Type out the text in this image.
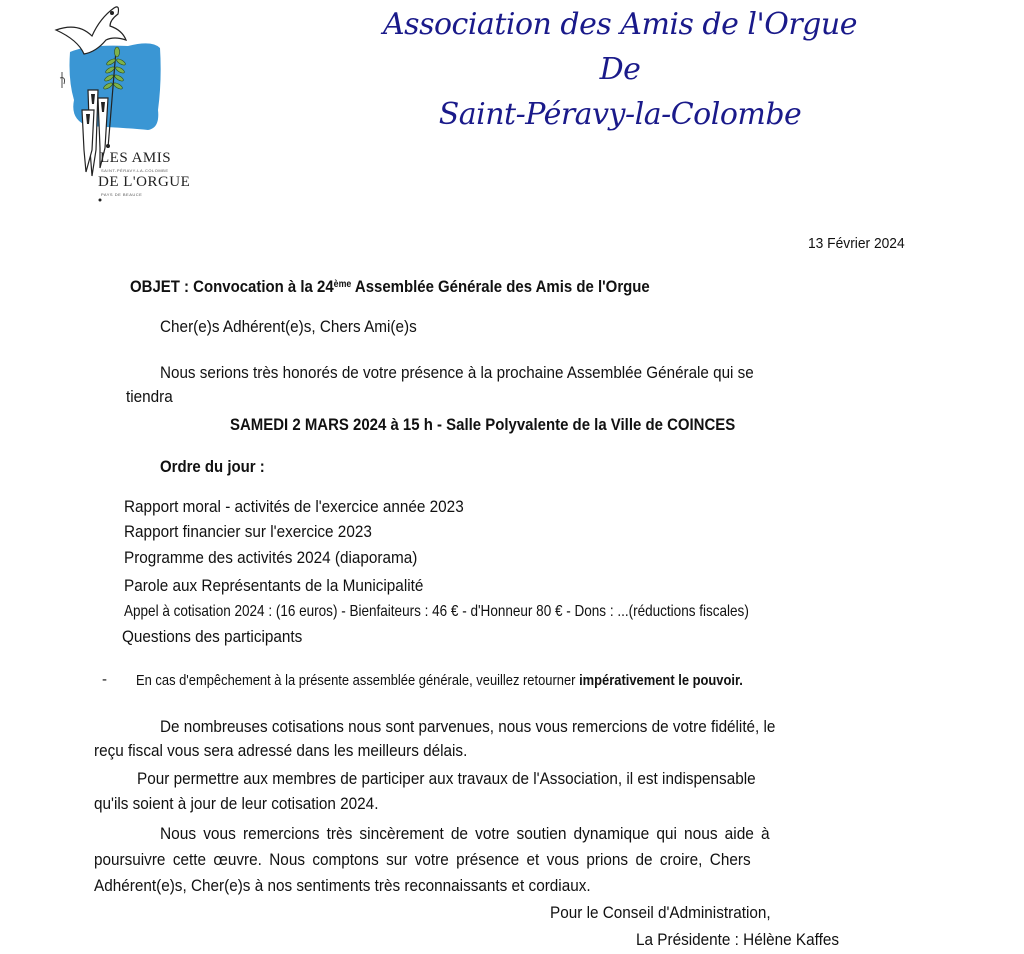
LES AMIS
SAINT-PÉRAVY-LA-COLOMBE
DE L'ORGUE
PAYS DE BEAUCE
Association des Amis de l'Orgue
De
Saint-Péravy-la-Colombe
13 Février 2024
OBJET : Convocation à la 24ème Assemblée Générale des Amis de l'Orgue
Cher(e)s Adhérent(e)s, Chers Ami(e)s
Nous serions très honorés de votre présence à la prochaine Assemblée Générale qui se
tiendra
SAMEDI 2 MARS 2024 à 15 h - Salle Polyvalente de la Ville de COINCES
Ordre du jour :
Rapport moral - activités de l'exercice année 2023
Rapport financier sur l'exercice 2023
Programme des activités 2024 (diaporama)
Parole aux Représentants de la Municipalité
Appel à cotisation 2024 : (16 euros) - Bienfaiteurs : 46 € - d'Honneur 80 € - Dons : ...(réductions fiscales)
Questions des participants
- En cas d'empêchement à la présente assemblée générale, veuillez retourner impérativement le pouvoir.
De nombreuses cotisations nous sont parvenues, nous vous remercions de votre fidélité, le
reçu fiscal vous sera adressé dans les meilleurs délais.
Pour permettre aux membres de participer aux travaux de l'Association, il est indispensable
qu'ils soient à jour de leur cotisation 2024.
Nous vous remercions très sincèrement de votre soutien dynamique qui nous aide à
poursuivre cette œuvre. Nous comptons sur votre présence et vous prions de croire, Chers
Adhérent(e)s, Cher(e)s à nos sentiments très reconnaissants et cordiaux.
Pour le Conseil d'Administration,
La Présidente : Hélène Kaffes
